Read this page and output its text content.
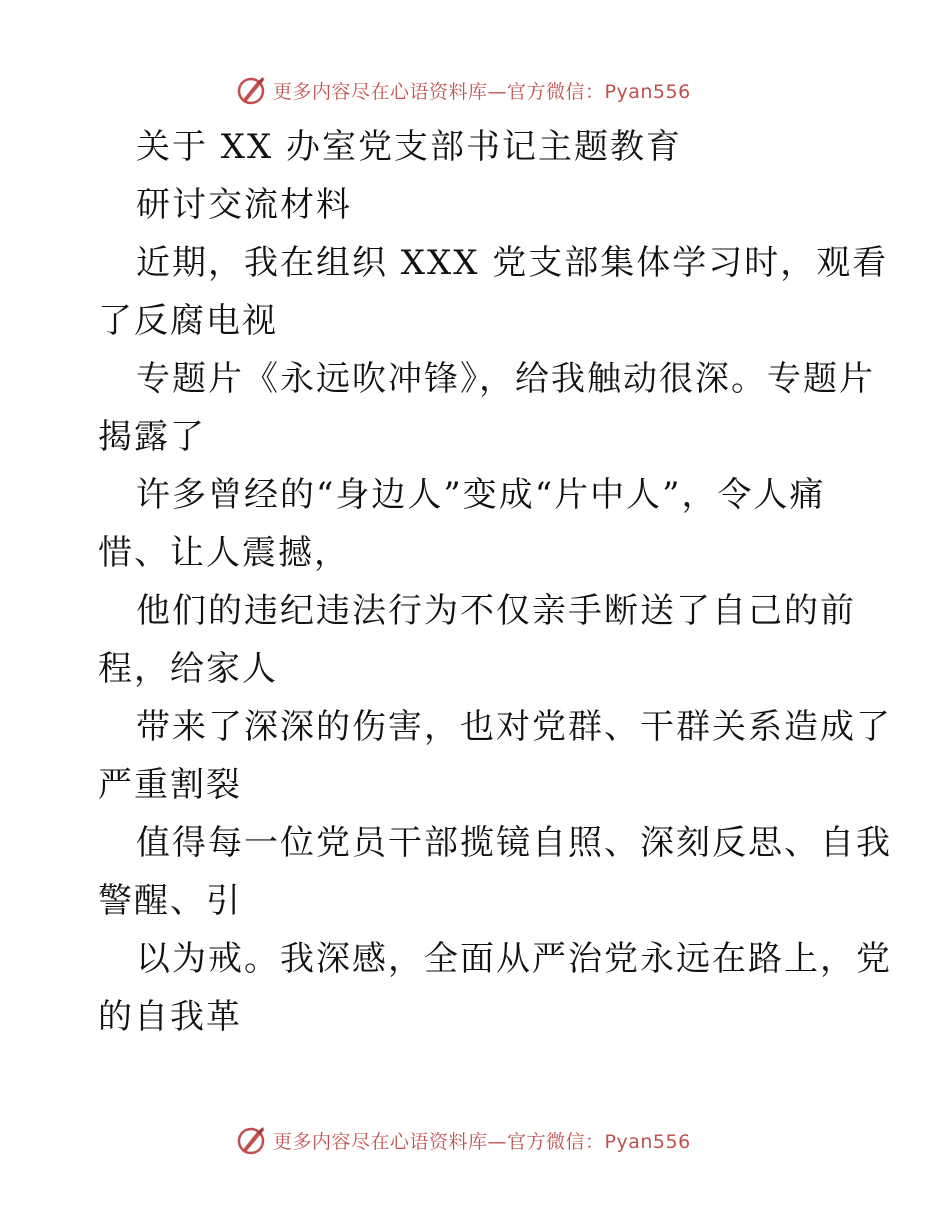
更多内容尽在心语资料库—官方微信：Pyan556
关于 XX 办室党支部书记主题教育
研讨交流材料
近期，我在组织 XXX 党支部集体学习时，观看
了反腐电视
专题片《永远吹冲锋》，给我触动很深。专题片
揭露了
许多曾经的“身边人”变成“片中人”，令人痛
惜、让人震撼，
他们的违纪违法行为不仅亲手断送了自己的前
程，给家人
带来了深深的伤害，也对党群、干群关系造成了
严重割裂
值得每一位党员干部揽镜自照、深刻反思、自我
警醒、引
以为戒。我深感，全面从严治党永远在路上，党
的自我革
更多内容尽在心语资料库—官方微信：Pyan556
